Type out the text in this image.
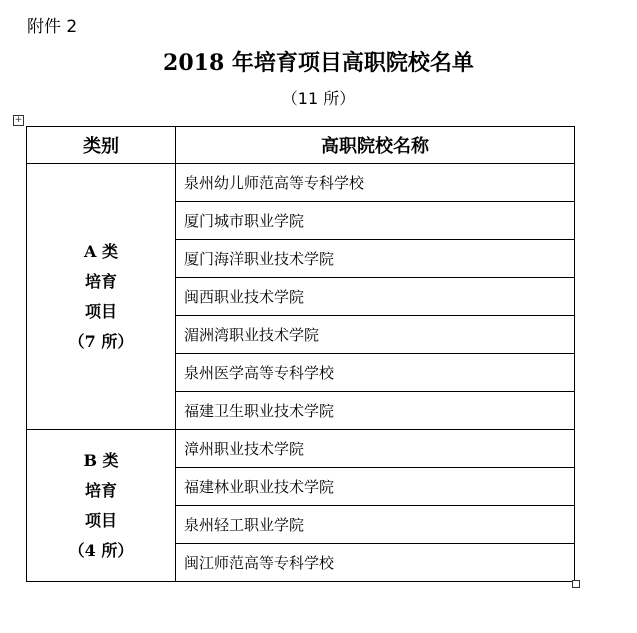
附件 2
2018 年培育项目高职院校名单
（11 所）
+
类别	高职院校名称

A 类
培育
项目
（7 所）	泉州幼儿师范高等专科学校
	厦门城市职业学院
	厦门海洋职业技术学院
	闽西职业技术学院
	湄洲湾职业技术学院
	泉州医学高等专科学校
	福建卫生职业技术学院

B 类
培育
项目
（4 所）	漳州职业技术学院
	福建林业职业技术学院
	泉州轻工职业学院
	闽江师范高等专科学校
